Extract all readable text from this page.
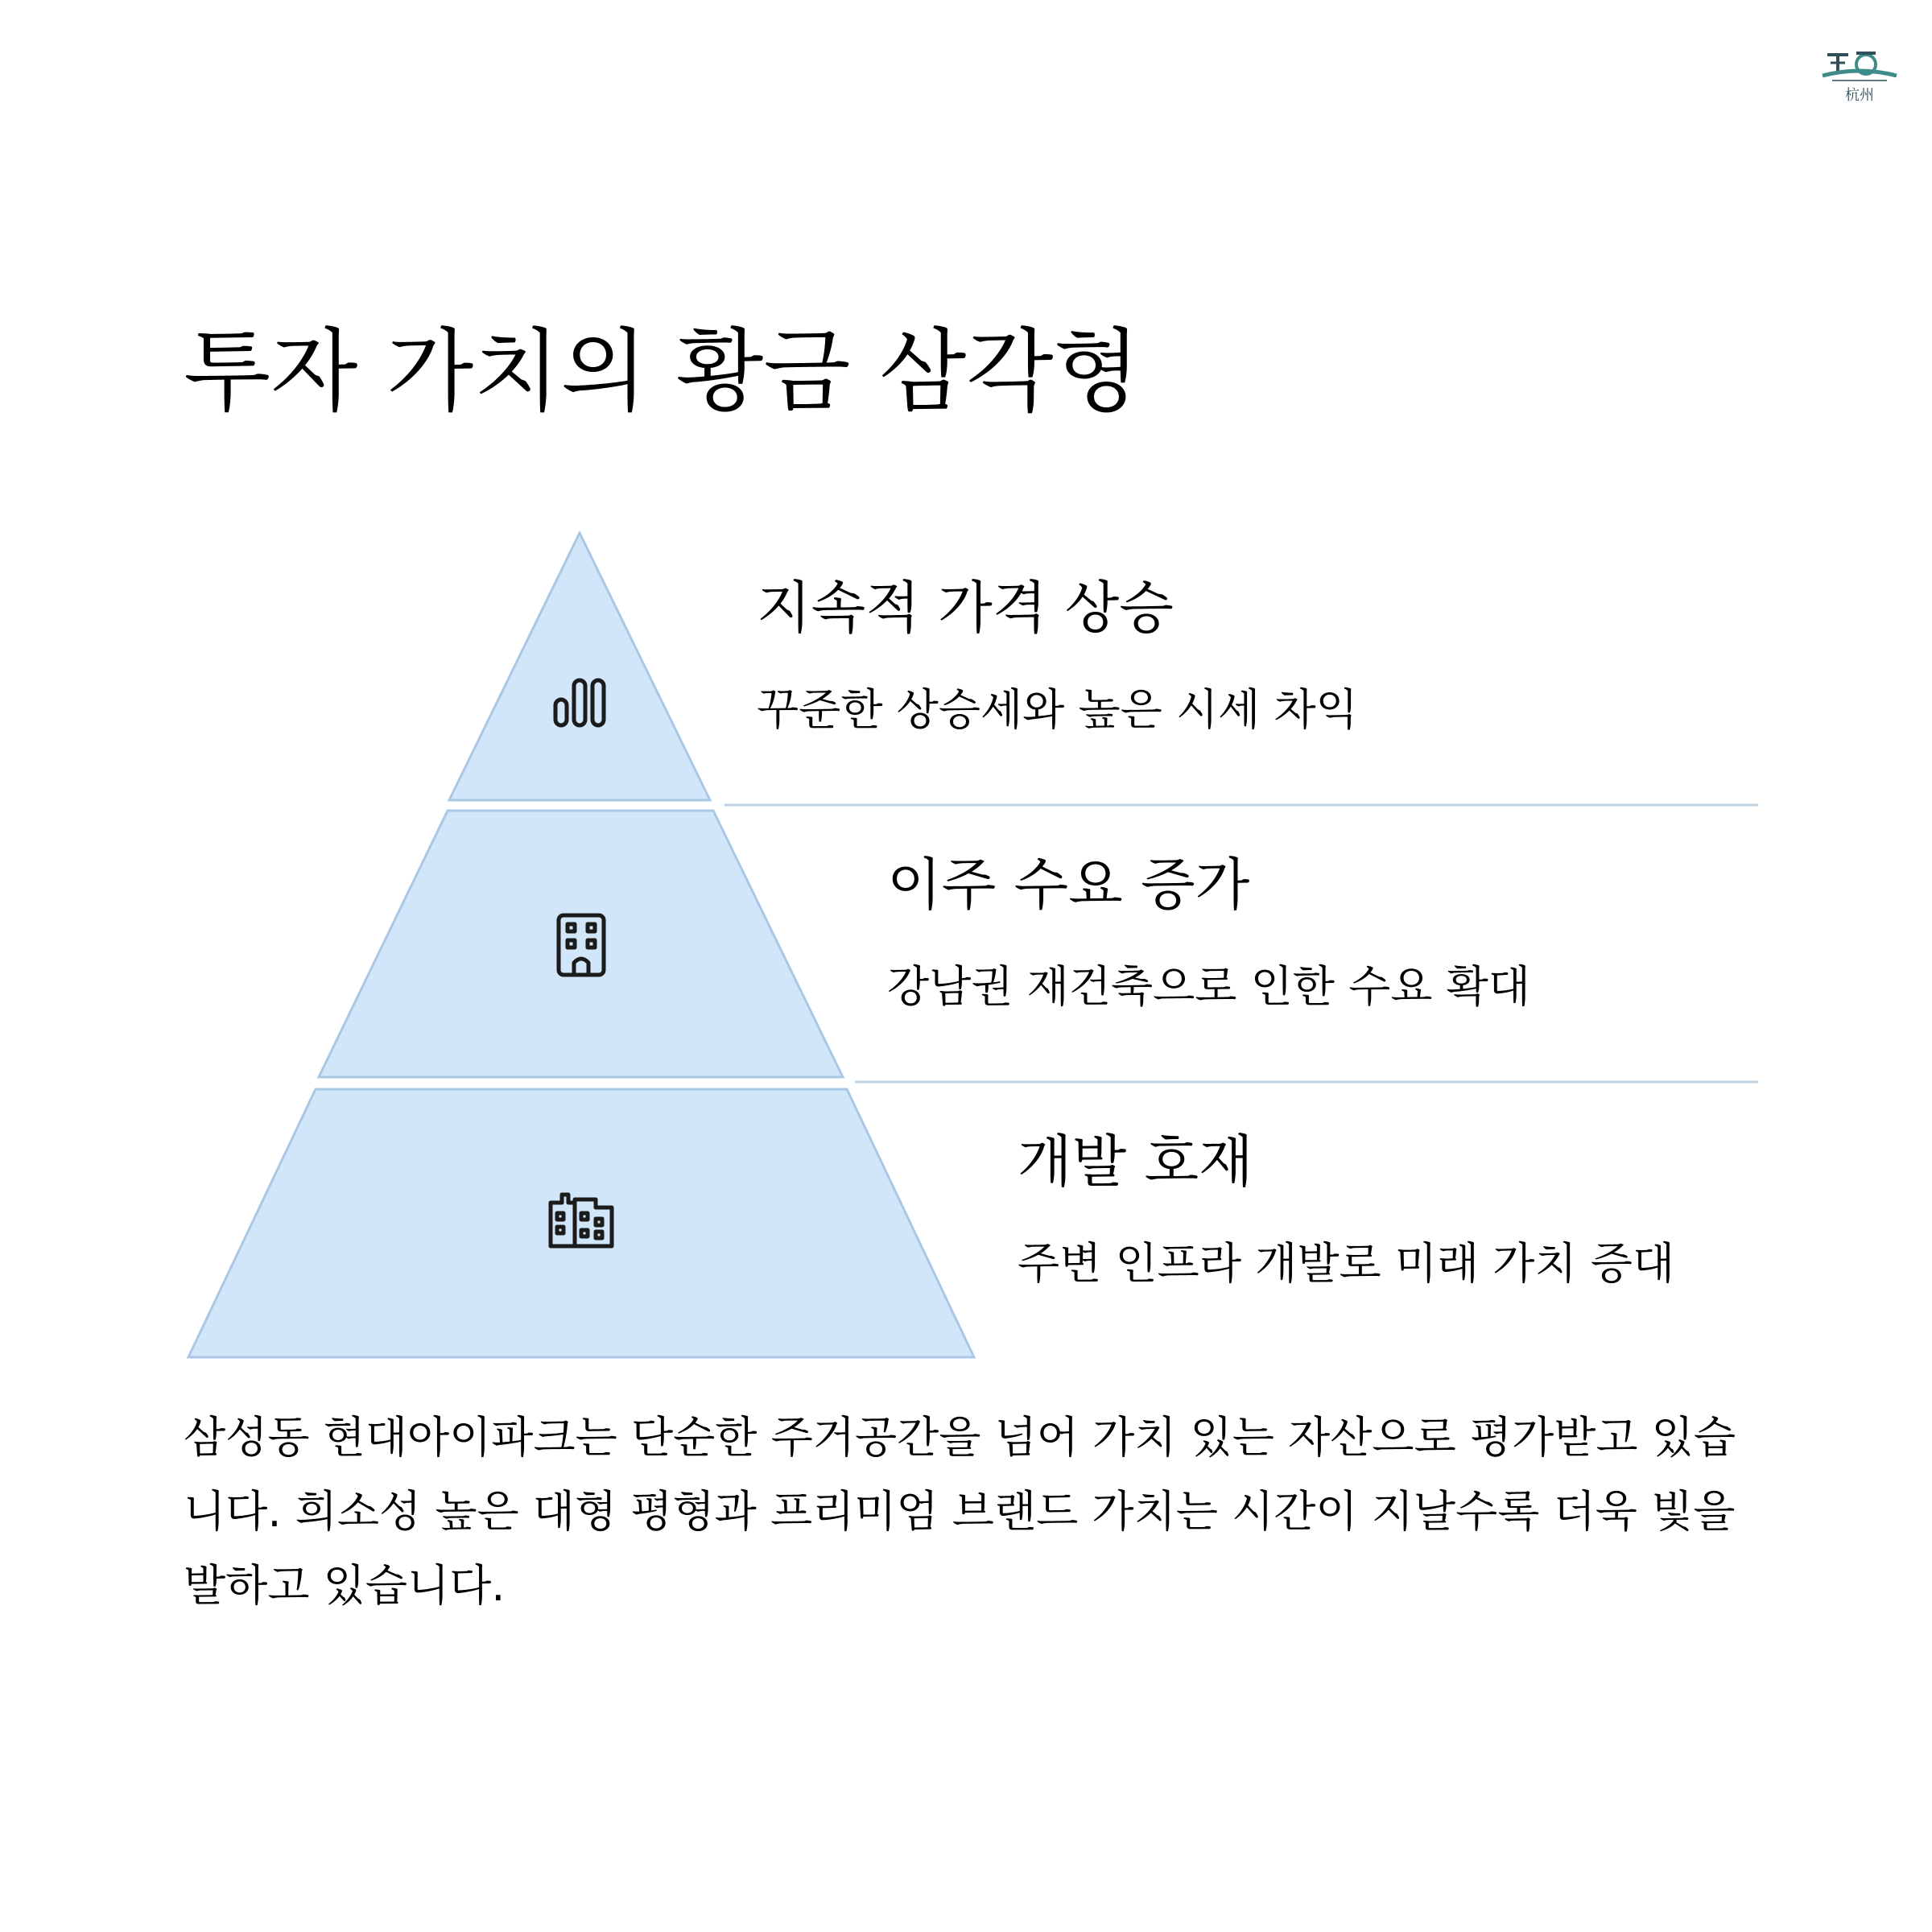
杭州
투자 가치의 황금 삼각형
지속적 가격 상승

꾸준한 상승세와 높은 시세 차익

이주 수요 증가

강남권 재건축으로 인한 수요 확대

개발 호재

주변 인프라 개발로 미래 가치 증대

삼성동 현대아이파크는 단순한 주거공간을 넘어 가치 있는 자산으로 평가받고 있습니다. 희소성 높은 대형 평형과 프리미엄 브랜드 가치는 시간이 지날수록 더욱 빛을 발하고 있습니다.
